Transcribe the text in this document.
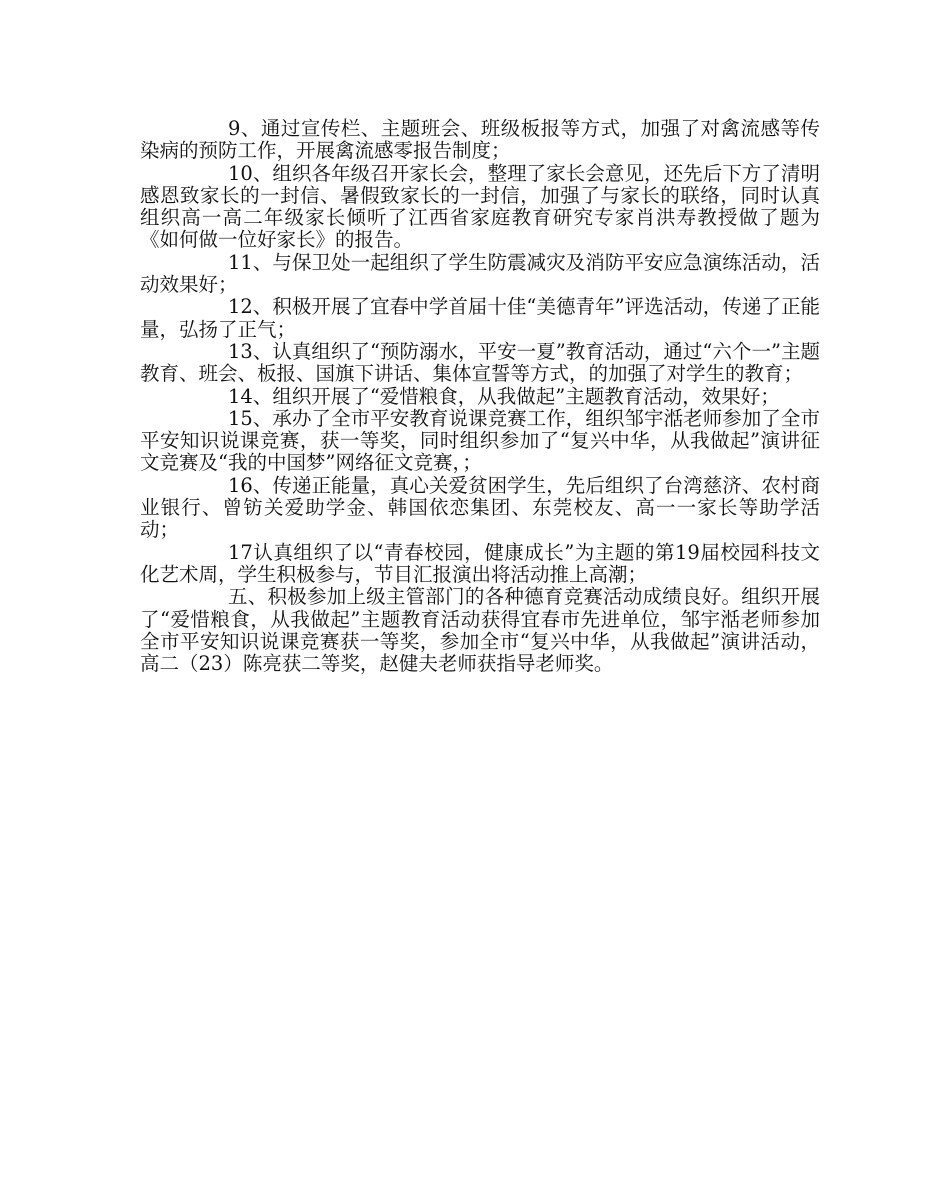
9、通过宣传栏、主题班会、班级板报等方式，加强了对禽流感等传染病的预防工作，开展禽流感零报告制度；

10、组织各年级召开家长会，整理了家长会意见，还先后下方了清明感恩致家长的一封信、暑假致家长的一封信，加强了与家长的联络，同时认真组织高一高二年级家长倾听了江西省家庭教育研究专家肖洪寿教授做了题为《如何做一位好家长》的报告。

11、与保卫处一起组织了学生防震减灾及消防平安应急演练活动，活动效果好；

12、积极开展了宜春中学首届十佳“美德青年”评选活动，传递了正能量，弘扬了正气；

13、认真组织了“预防溺水，平安一夏”教育活动，通过“六个一”主题教育、班会、板报、国旗下讲话、集体宣誓等方式，的加强了对学生的教育；

14、组织开展了“爱惜粮食，从我做起”主题教育活动，效果好；

15、承办了全市平安教育说课竞赛工作，组织邹宇湉老师参加了全市平安知识说课竞赛，获一等奖，同时组织参加了“复兴中华，从我做起”演讲征文竞赛及“我的中国梦”网络征文竞赛，；

16、传递正能量，真心关爱贫困学生，先后组织了台湾慈济、农村商业银行、曾钫关爱助学金、韩国依恋集团、东莞校友、高一一家长等助学活动；

17认真组织了以“青春校园，健康成长”为主题的第19届校园科技文化艺术周，学生积极参与，节目汇报演出将活动推上高潮；

五、积极参加上级主管部门的各种德育竞赛活动成绩良好。组织开展了“爱惜粮食，从我做起”主题教育活动获得宜春市先进单位，邹宇湉老师参加全市平安知识说课竞赛获一等奖，参加全市“复兴中华，从我做起”演讲活动，高二（23）陈亮获二等奖，赵健夫老师获指导老师奖。
